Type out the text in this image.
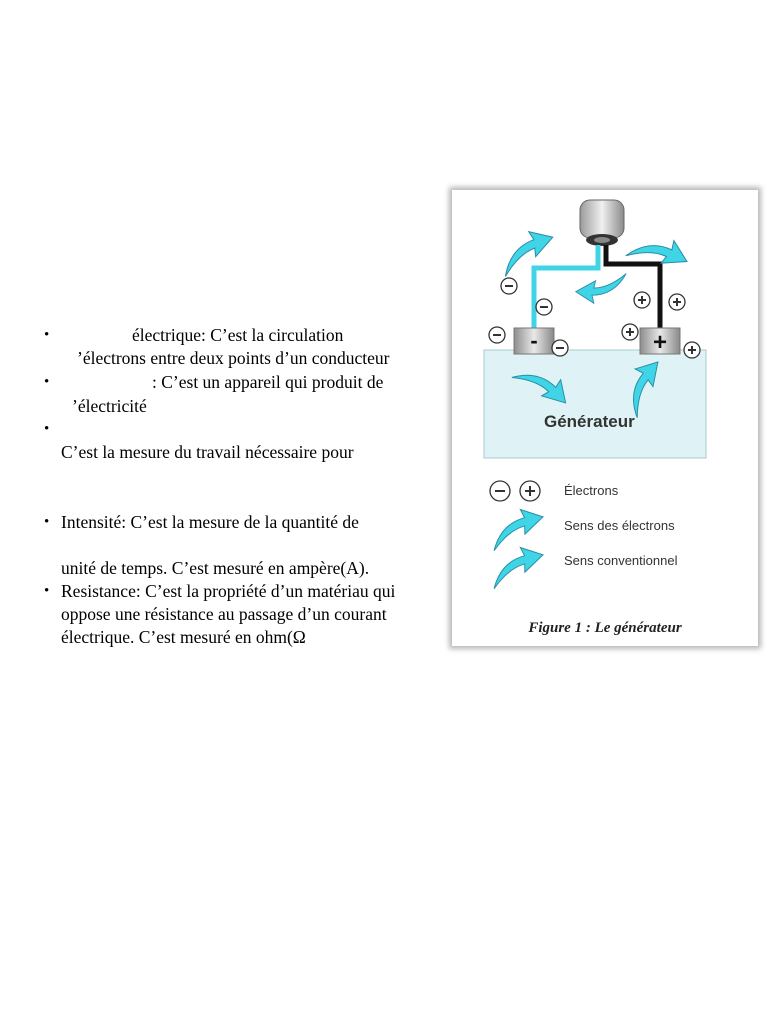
•	électrique: C’est la circulation
’électrons entre deux points d’un conducteur
•	: C’est un appareil qui produit de
’électricité
•
C’est la mesure du travail nécessaire pour
• Intensité: C’est la mesure de la quantité de
unité de temps. C’est mesuré en ampère(A).
• Resistance: C’est la propriété d’un matériau qui
oppose une résistance au passage d’un courant
électrique. C’est mesuré en ohm(Ω
-	+
Générateur
Électrons
Sens des électrons
Sens conventionnel
Figure 1 : Le générateur
